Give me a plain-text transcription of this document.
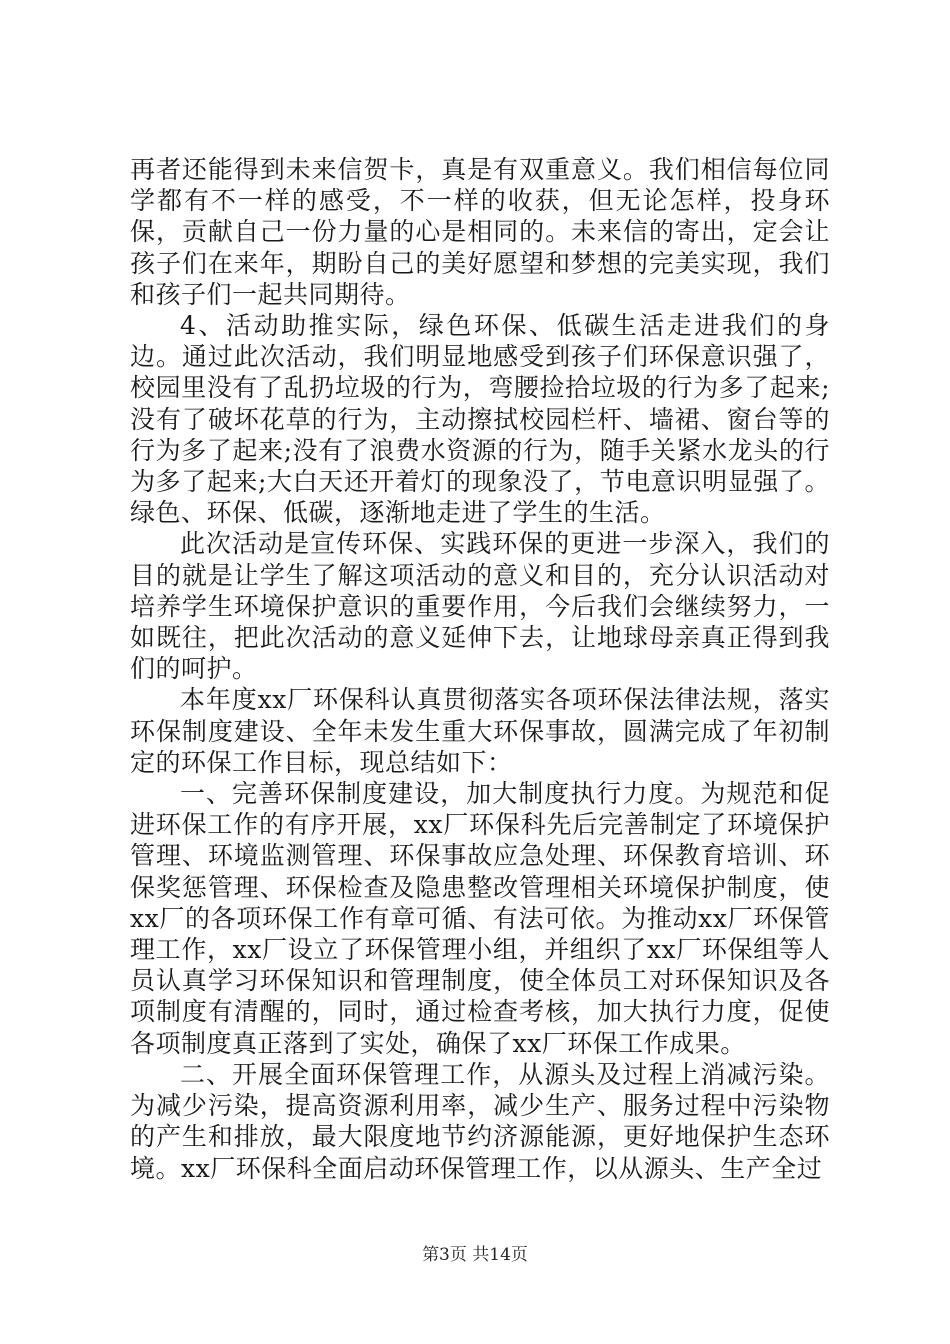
再者还能得到未来信贺卡，真是有双重意义。我们相信每位同学都有不一样的感受，不一样的收获，但无论怎样，投身环保，贡献自己一份力量的心是相同的。未来信的寄出，定会让孩子们在来年，期盼自己的美好愿望和梦想的完美实现，我们和孩子们一起共同期待。

4、活动助推实际，绿色环保、低碳生活走进我们的身边。通过此次活动，我们明显地感受到孩子们环保意识强了，校园里没有了乱扔垃圾的行为，弯腰捡拾垃圾的行为多了起来;没有了破坏花草的行为，主动擦拭校园栏杆、墙裙、窗台等的行为多了起来;没有了浪费水资源的行为，随手关紧水龙头的行为多了起来;大白天还开着灯的现象没了，节电意识明显强了。绿色、环保、低碳，逐渐地走进了学生的生活。

此次活动是宣传环保、实践环保的更进一步深入，我们的目的就是让学生了解这项活动的意义和目的，充分认识活动对培养学生环境保护意识的重要作用，今后我们会继续努力，一如既往，把此次活动的意义延伸下去，让地球母亲真正得到我们的呵护。

本年度xx厂环保科认真贯彻落实各项环保法律法规，落实环保制度建设、全年未发生重大环保事故，圆满完成了年初制定的环保工作目标，现总结如下：

一、完善环保制度建设，加大制度执行力度。为规范和促进环保工作的有序开展，xx厂环保科先后完善制定了环境保护管理、环境监测管理、环保事故应急处理、环保教育培训、环保奖惩管理、环保检查及隐患整改管理相关环境保护制度，使xx厂的各项环保工作有章可循、有法可依。为推动xx厂环保管理工作，xx厂设立了环保管理小组，并组织了xx厂环保组等人员认真学习环保知识和管理制度，使全体员工对环保知识及各项制度有清醒的，同时，通过检查考核，加大执行力度，促使各项制度真正落到了实处，确保了xx厂环保工作成果。

二、开展全面环保管理工作，从源头及过程上消减污染。为减少污染，提高资源利用率，减少生产、服务过程中污染物的产生和排放，最大限度地节约济源能源，更好地保护生态环境。xx厂环保科全面启动环保管理工作，以从源头、生产全过

第3页 共14页
